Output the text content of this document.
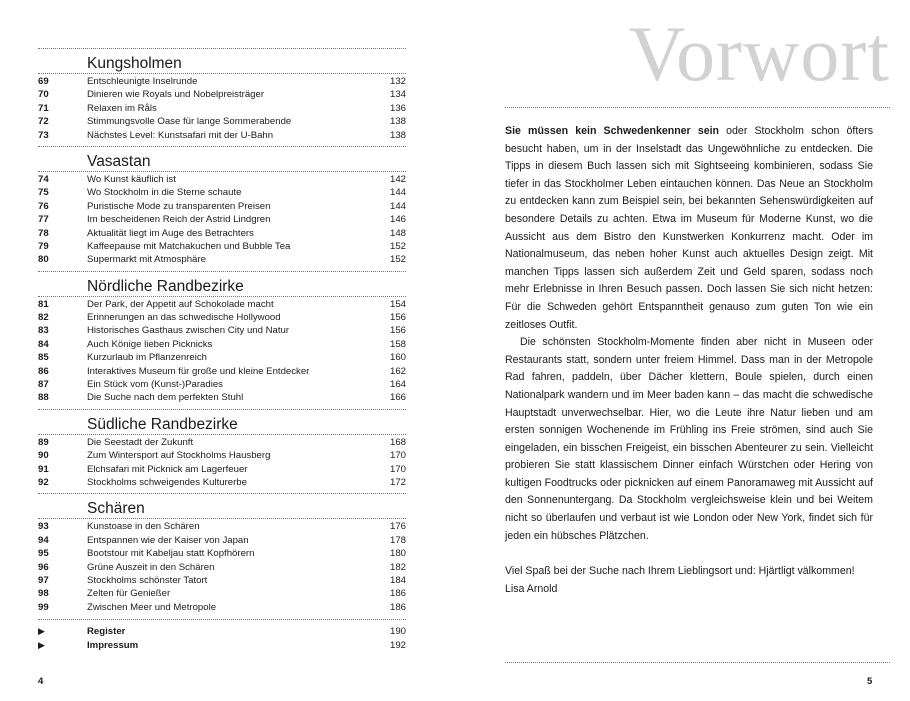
Kungsholmen
69	Entschleunigte Inselrunde	132
70	Dinieren wie Royals und Nobelpreisträger	134
71	Relaxen im Råls	136
72	Stimmungsvolle Oase für lange Sommerabende	138
73	Nächstes Level: Kunstsafari mit der U-Bahn	138
Vasastan
74	Wo Kunst käuflich ist	142
75	Wo Stockholm in die Sterne schaute	144
76	Puristische Mode zu transparenten Preisen	144
77	Im bescheidenen Reich der Astrid Lindgren	146
78	Aktualität liegt im Auge des Betrachters	148
79	Kaffeepause mit Matchakuchen und Bubble Tea	152
80	Supermarkt mit Atmosphäre	152
Nördliche Randbezirke
81	Der Park, der Appetit auf Schokolade macht	154
82	Erinnerungen an das schwedische Hollywood	156
83	Historisches Gasthaus zwischen City und Natur	156
84	Auch Könige lieben Picknicks	158
85	Kurzurlaub im Pflanzenreich	160
86	Interaktives Museum für große und kleine Entdecker	162
87	Ein Stück vom (Kunst-)Paradies	164
88	Die Suche nach dem perfekten Stuhl	166
Südliche Randbezirke
89	Die Seestadt der Zukunft	168
90	Zum Wintersport auf Stockholms Hausberg	170
91	Elchsafari mit Picknick am Lagerfeuer	170
92	Stockholms schweigendes Kulturerbe	172
Schären
93	Kunstoase in den Schären	176
94	Entspannen wie der Kaiser von Japan	178
95	Bootstour mit Kabeljau statt Kopfhörern	180
96	Grüne Auszeit in den Schären	182
97	Stockholms schönster Tatort	184
98	Zelten für Genießer	186
99	Zwischen Meer und Metropole	186
▶	Register	190
▶	Impressum	192
4
Vorwort

Sie müssen kein Schwedenkenner sein oder Stockholm schon öfters besucht haben, um in der Inselstadt das Ungewöhnliche zu entdecken. Die Tipps in diesem Buch lassen sich mit Sightseeing kombinieren, sodass Sie tiefer in das Stockholmer Leben eintauchen können. Das Neue an Stockholm zu entdecken kann zum Beispiel sein, bei bekannten Sehenswürdigkeiten auf besondere Details zu achten. Etwa im Museum für Moderne Kunst, wo die Aussicht aus dem Bistro den Kunstwerken Konkurrenz macht. Oder im Nationalmuseum, das neben hoher Kunst auch aktuelles Design zeigt. Mit manchen Tipps lassen sich außerdem Zeit und Geld sparen, sodass noch mehr Erlebnisse in Ihren Besuch passen. Doch lassen Sie sich nicht hetzen: Für die Schweden gehört Entspanntheit genauso zum guten Ton wie ein zeitloses Outfit.

Die schönsten Stockholm-Momente finden aber nicht in Museen oder Restaurants statt, sondern unter freiem Himmel. Dass man in der Metropole Rad fahren, paddeln, über Dächer klettern, Boule spielen, durch einen Nationalpark wandern und im Meer baden kann – das macht die schwedische Hauptstadt unverwechselbar. Hier, wo die Leute ihre Natur lieben und am ersten sonnigen Wochenende im Frühling ins Freie strömen, sind auch Sie eingeladen, ein bisschen Freigeist, ein bisschen Abenteurer zu sein. Vielleicht probieren Sie statt klassischem Dinner einfach Würstchen oder Hering von kultigen Foodtrucks oder picknicken auf einem Panoramaweg mit Aussicht auf den Sonnenuntergang. Da Stockholm vergleichsweise klein und bei Weitem nicht so überlaufen und verbaut ist wie London oder New York, findet sich für jeden ein hübsches Plätzchen.

Viel Spaß bei der Suche nach Ihrem Lieblingsort und: Hjärtligt välkommen!

Lisa Arnold

5
